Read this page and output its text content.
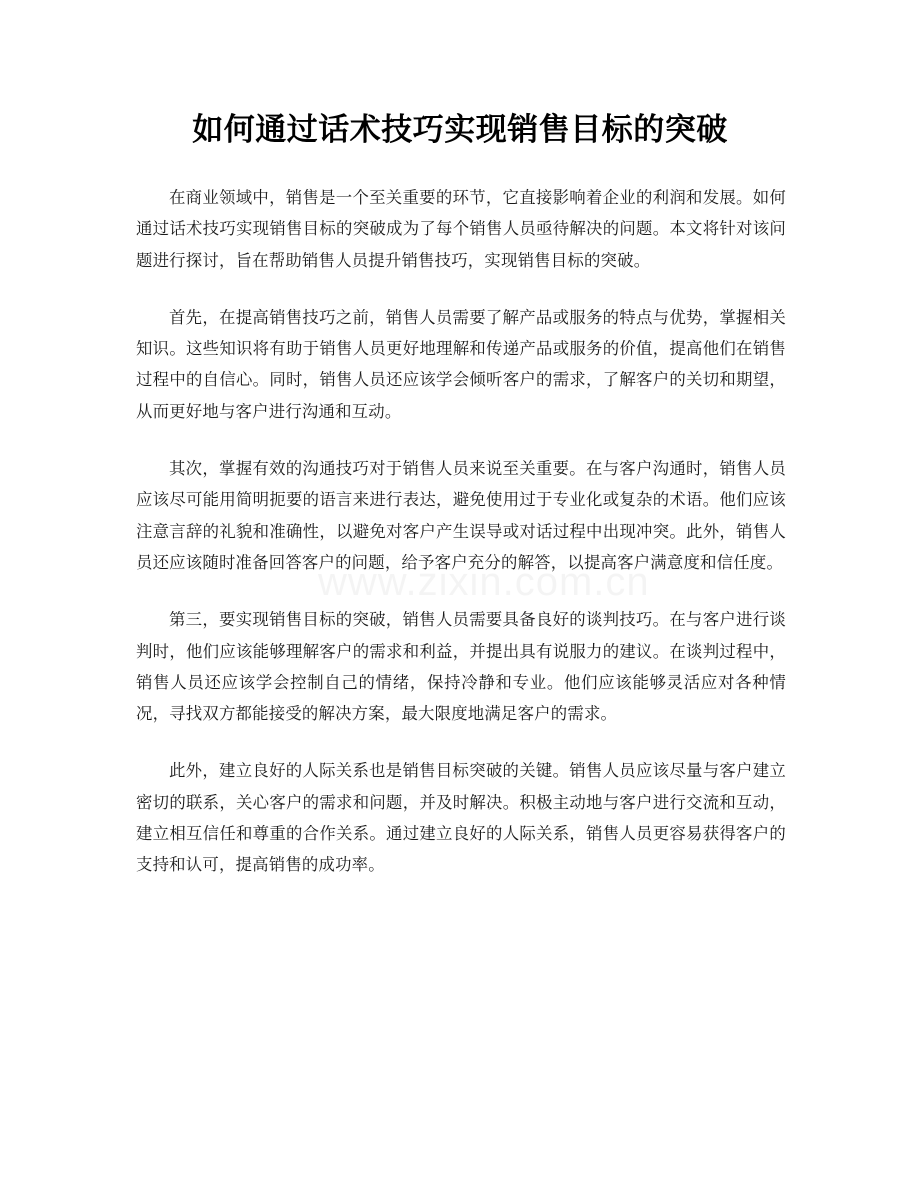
如何通过话术技巧实现销售目标的突破

在商业领域中，销售是一个至关重要的环节，它直接影响着企业的利润和发展。如何通过话术技巧实现销售目标的突破成为了每个销售人员亟待解决的问题。本文将针对该问题进行探讨，旨在帮助销售人员提升销售技巧，实现销售目标的突破。

首先，在提高销售技巧之前，销售人员需要了解产品或服务的特点与优势，掌握相关知识。这些知识将有助于销售人员更好地理解和传递产品或服务的价值，提高他们在销售过程中的自信心。同时，销售人员还应该学会倾听客户的需求，了解客户的关切和期望，从而更好地与客户进行沟通和互动。

其次，掌握有效的沟通技巧对于销售人员来说至关重要。在与客户沟通时，销售人员应该尽可能用简明扼要的语言来进行表达，避免使用过于专业化或复杂的术语。他们应该注意言辞的礼貌和准确性，以避免对客户产生误导或对话过程中出现冲突。此外，销售人员还应该随时准备回答客户的问题，给予客户充分的解答，以提高客户满意度和信任度。

第三，要实现销售目标的突破，销售人员需要具备良好的谈判技巧。在与客户进行谈判时，他们应该能够理解客户的需求和利益，并提出具有说服力的建议。在谈判过程中，销售人员还应该学会控制自己的情绪，保持冷静和专业。他们应该能够灵活应对各种情况，寻找双方都能接受的解决方案，最大限度地满足客户的需求。

此外，建立良好的人际关系也是销售目标突破的关键。销售人员应该尽量与客户建立密切的联系，关心客户的需求和问题，并及时解决。积极主动地与客户进行交流和互动，建立相互信任和尊重的合作关系。通过建立良好的人际关系，销售人员更容易获得客户的支持和认可，提高销售的成功率。
